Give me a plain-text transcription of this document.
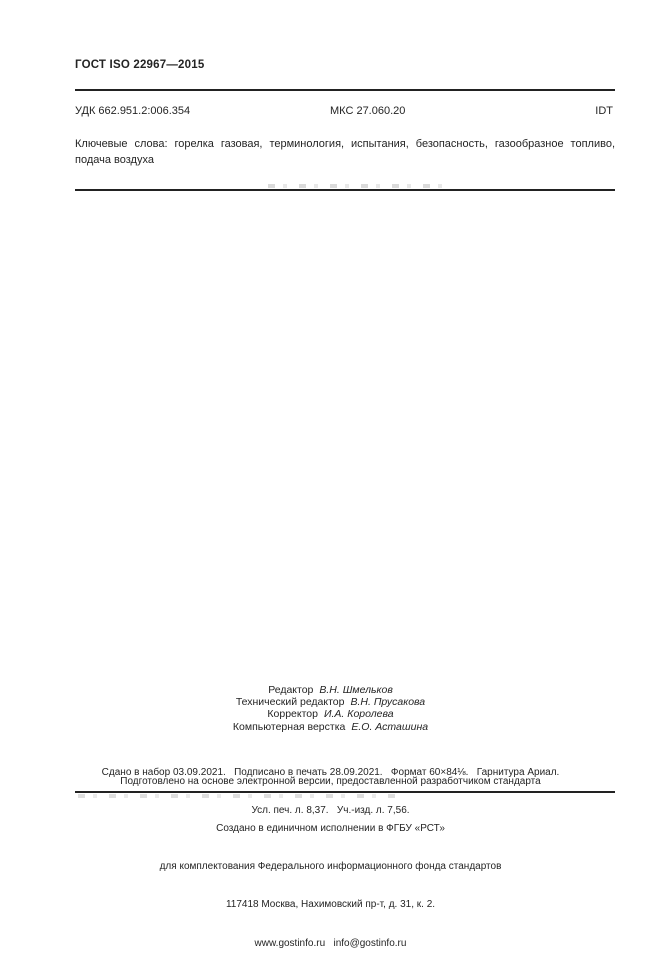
ГОСТ ISO 22967—2015
УДК 662.951.2:006.354	МКС 27.060.20	IDT

Ключевые слова: горелка газовая, терминология, испытания, безопасность, газообразное топливо, подача воздуха

Редактор В.Н. Шмельков
Технический редактор В.Н. Прусакова
Корректор И.А. Королева
Компьютерная верстка Е.О. Асташина

Сдано в набор 03.09.2021.   Подписано в печать 28.09.2021.   Формат 60×84⅛.   Гарнитура Ариал.

Усл. печ. л. 8,37.   Уч.-изд. л. 7,56.

Подготовлено на основе электронной версии, предоставленной разработчиком стандарта

Создано в единичном исполнении в ФГБУ «РСТ»

для комплектования Федерального информационного фонда стандартов

117418 Москва, Нахимовский пр-т, д. 31, к. 2.

www.gostinfo.ru   info@gostinfo.ru
